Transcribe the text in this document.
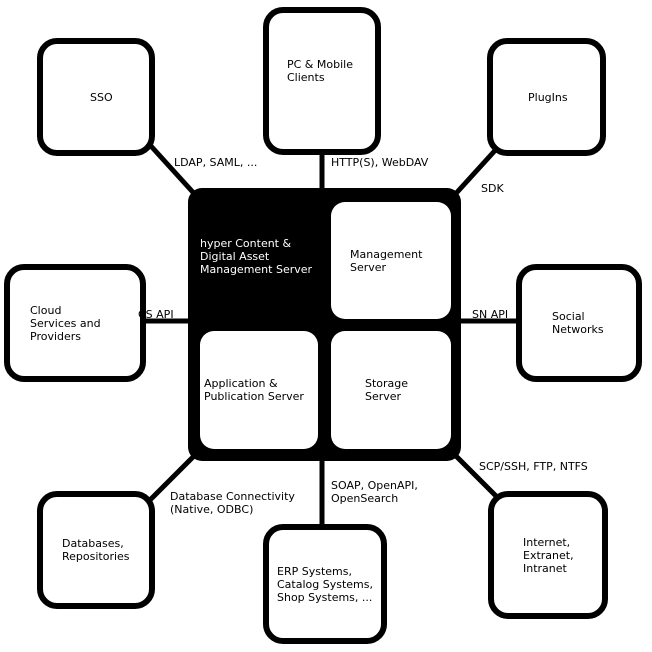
hyper Content &
Digital Asset
Management Server
Management
Server
Application &
Publication Server
Storage
Server
SSO
PC & Mobile
Clients
PlugIns
Cloud
Services and
Providers
Social
Networks
Databases,
Repositories
ERP Systems,
Catalog Systems,
Shop Systems, ...
Internet,
Extranet,
Intranet
LDAP, SAML, ...	HTTP(S), WebDAV
SDK
CS API	SN API
Database Connectivity
(Native, ODBC)
SOAP, OpenAPI,
OpenSearch
SCP/SSH, FTP, NTFS
